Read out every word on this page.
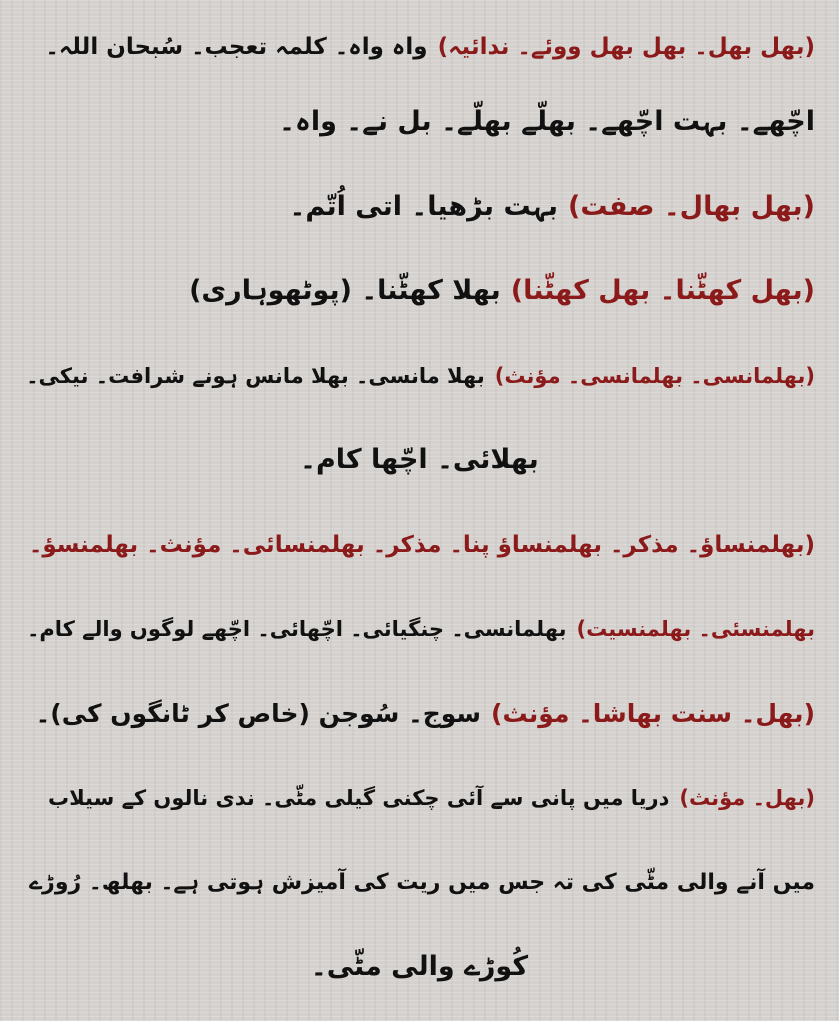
(بھل بھل۔ بھل بھل ووئے۔ ندائیہ)واہ واہ۔ کلمہ تعجب۔ سُبحان اللہ۔
اچّھے۔ بہت اچّھے۔ بھلّے بھلّے۔ بل نے۔ واہ۔
(بھل بھال۔ صفت)بہت بڑھیا۔ اتی اُتّم۔
(بھل کھٹّنا۔ بھل کھٹّنا)بھلا کھٹّنا۔ (پوٹھوہاری)
(بھلمانسی۔ بھلمانسی۔ مؤنث)بھلا مانسی۔ بھلا مانس ہونے شرافت۔ نیکی۔
بھلائی۔ اچّھا کام۔
(بھلمنساؤ۔ مذکر۔ بھلمنساؤ پنا۔ مذکر۔ بھلمنسائی۔ مؤنث۔ بھلمنسؤ۔
بھلمنسئی۔ بھلمنسیت)بھلمانسی۔ چنگیائی۔ اچّھائی۔ اچّھے لوگوں والے کام۔
(بھل۔ سنت بھاشا۔ مؤنث)سوج۔ سُوجن (خاص کر ٹانگوں کی)۔
(بھل۔ مؤنث)دریا میں پانی سے آئی چکنی گیلی مٹّی۔ ندی نالوں کے سیلاب
میں آنے والی مٹّی کی تہ جس میں ریت کی آمیزش ہوتی ہے۔ بھلھ۔ رُوڑے
کُوڑے والی مٹّی۔
